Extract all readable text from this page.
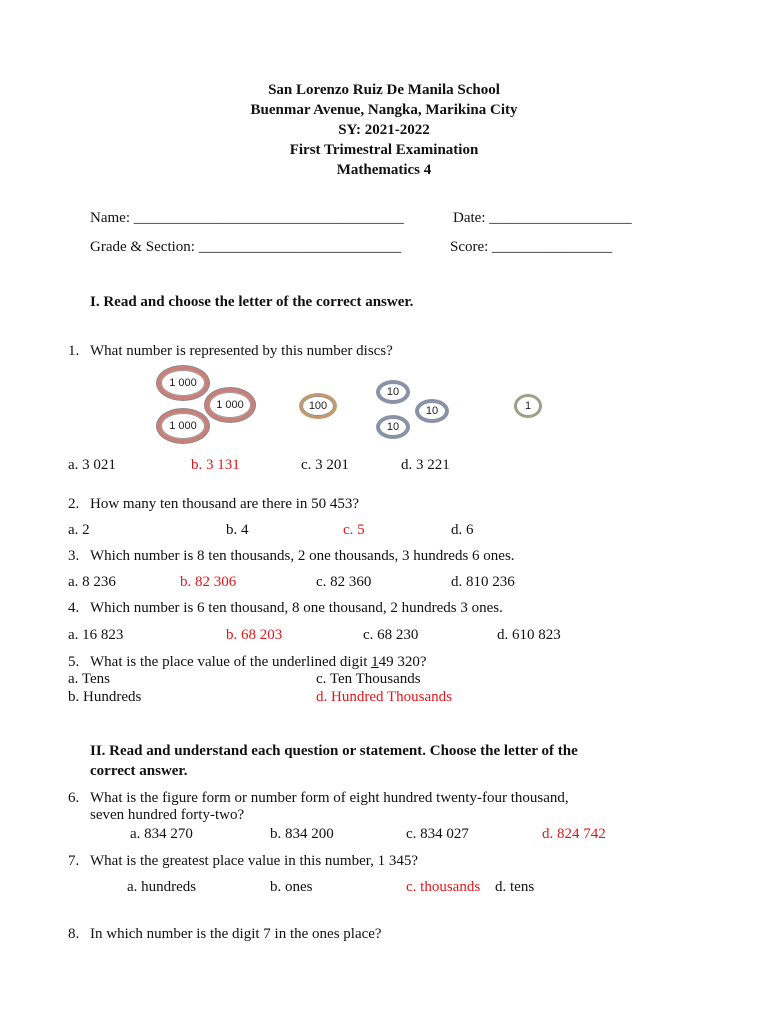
San Lorenzo Ruiz De Manila School
Buenmar Avenue, Nangka, Marikina City
SY: 2021-2022
First Trimestral Examination
Mathematics 4
Name: ____________________________________	Date: ___________________
Grade & Section: ___________________________	Score: ________________
I. Read and choose the letter of the correct answer.
1. What number is represented by this number discs?
1 000
1 000
1 000
100
10
10
10
1
a. 3 021	b. 3 131	c. 3 201	d. 3 221
2. How many ten thousand are there in 50 453?
a. 2	b. 4	c. 5	d. 6
3. Which number is 8 ten thousands, 2 one thousands, 3 hundreds 6 ones.
a. 8 236	b. 82 306	c. 82 360	d. 810 236
4. Which number is 6 ten thousand, 8 one thousand, 2 hundreds 3 ones.
a. 16 823	b. 68 203	c. 68 230	d. 610 823
5. What is the place value of the underlined digit 149 320?
a. Tens	c. Ten Thousands
b. Hundreds	d. Hundred Thousands
II. Read and understand each question or statement. Choose the letter of the
correct answer.
6. What is the figure form or number form of eight hundred twenty-four thousand,
seven hundred forty-two?
a. 834 270	b. 834 200	c. 834 027	d. 824 742
7. What is the greatest place value in this number, 1 345?
a. hundreds	b. ones	c. thousands d. tens
8. In which number is the digit 7 in the ones place?
